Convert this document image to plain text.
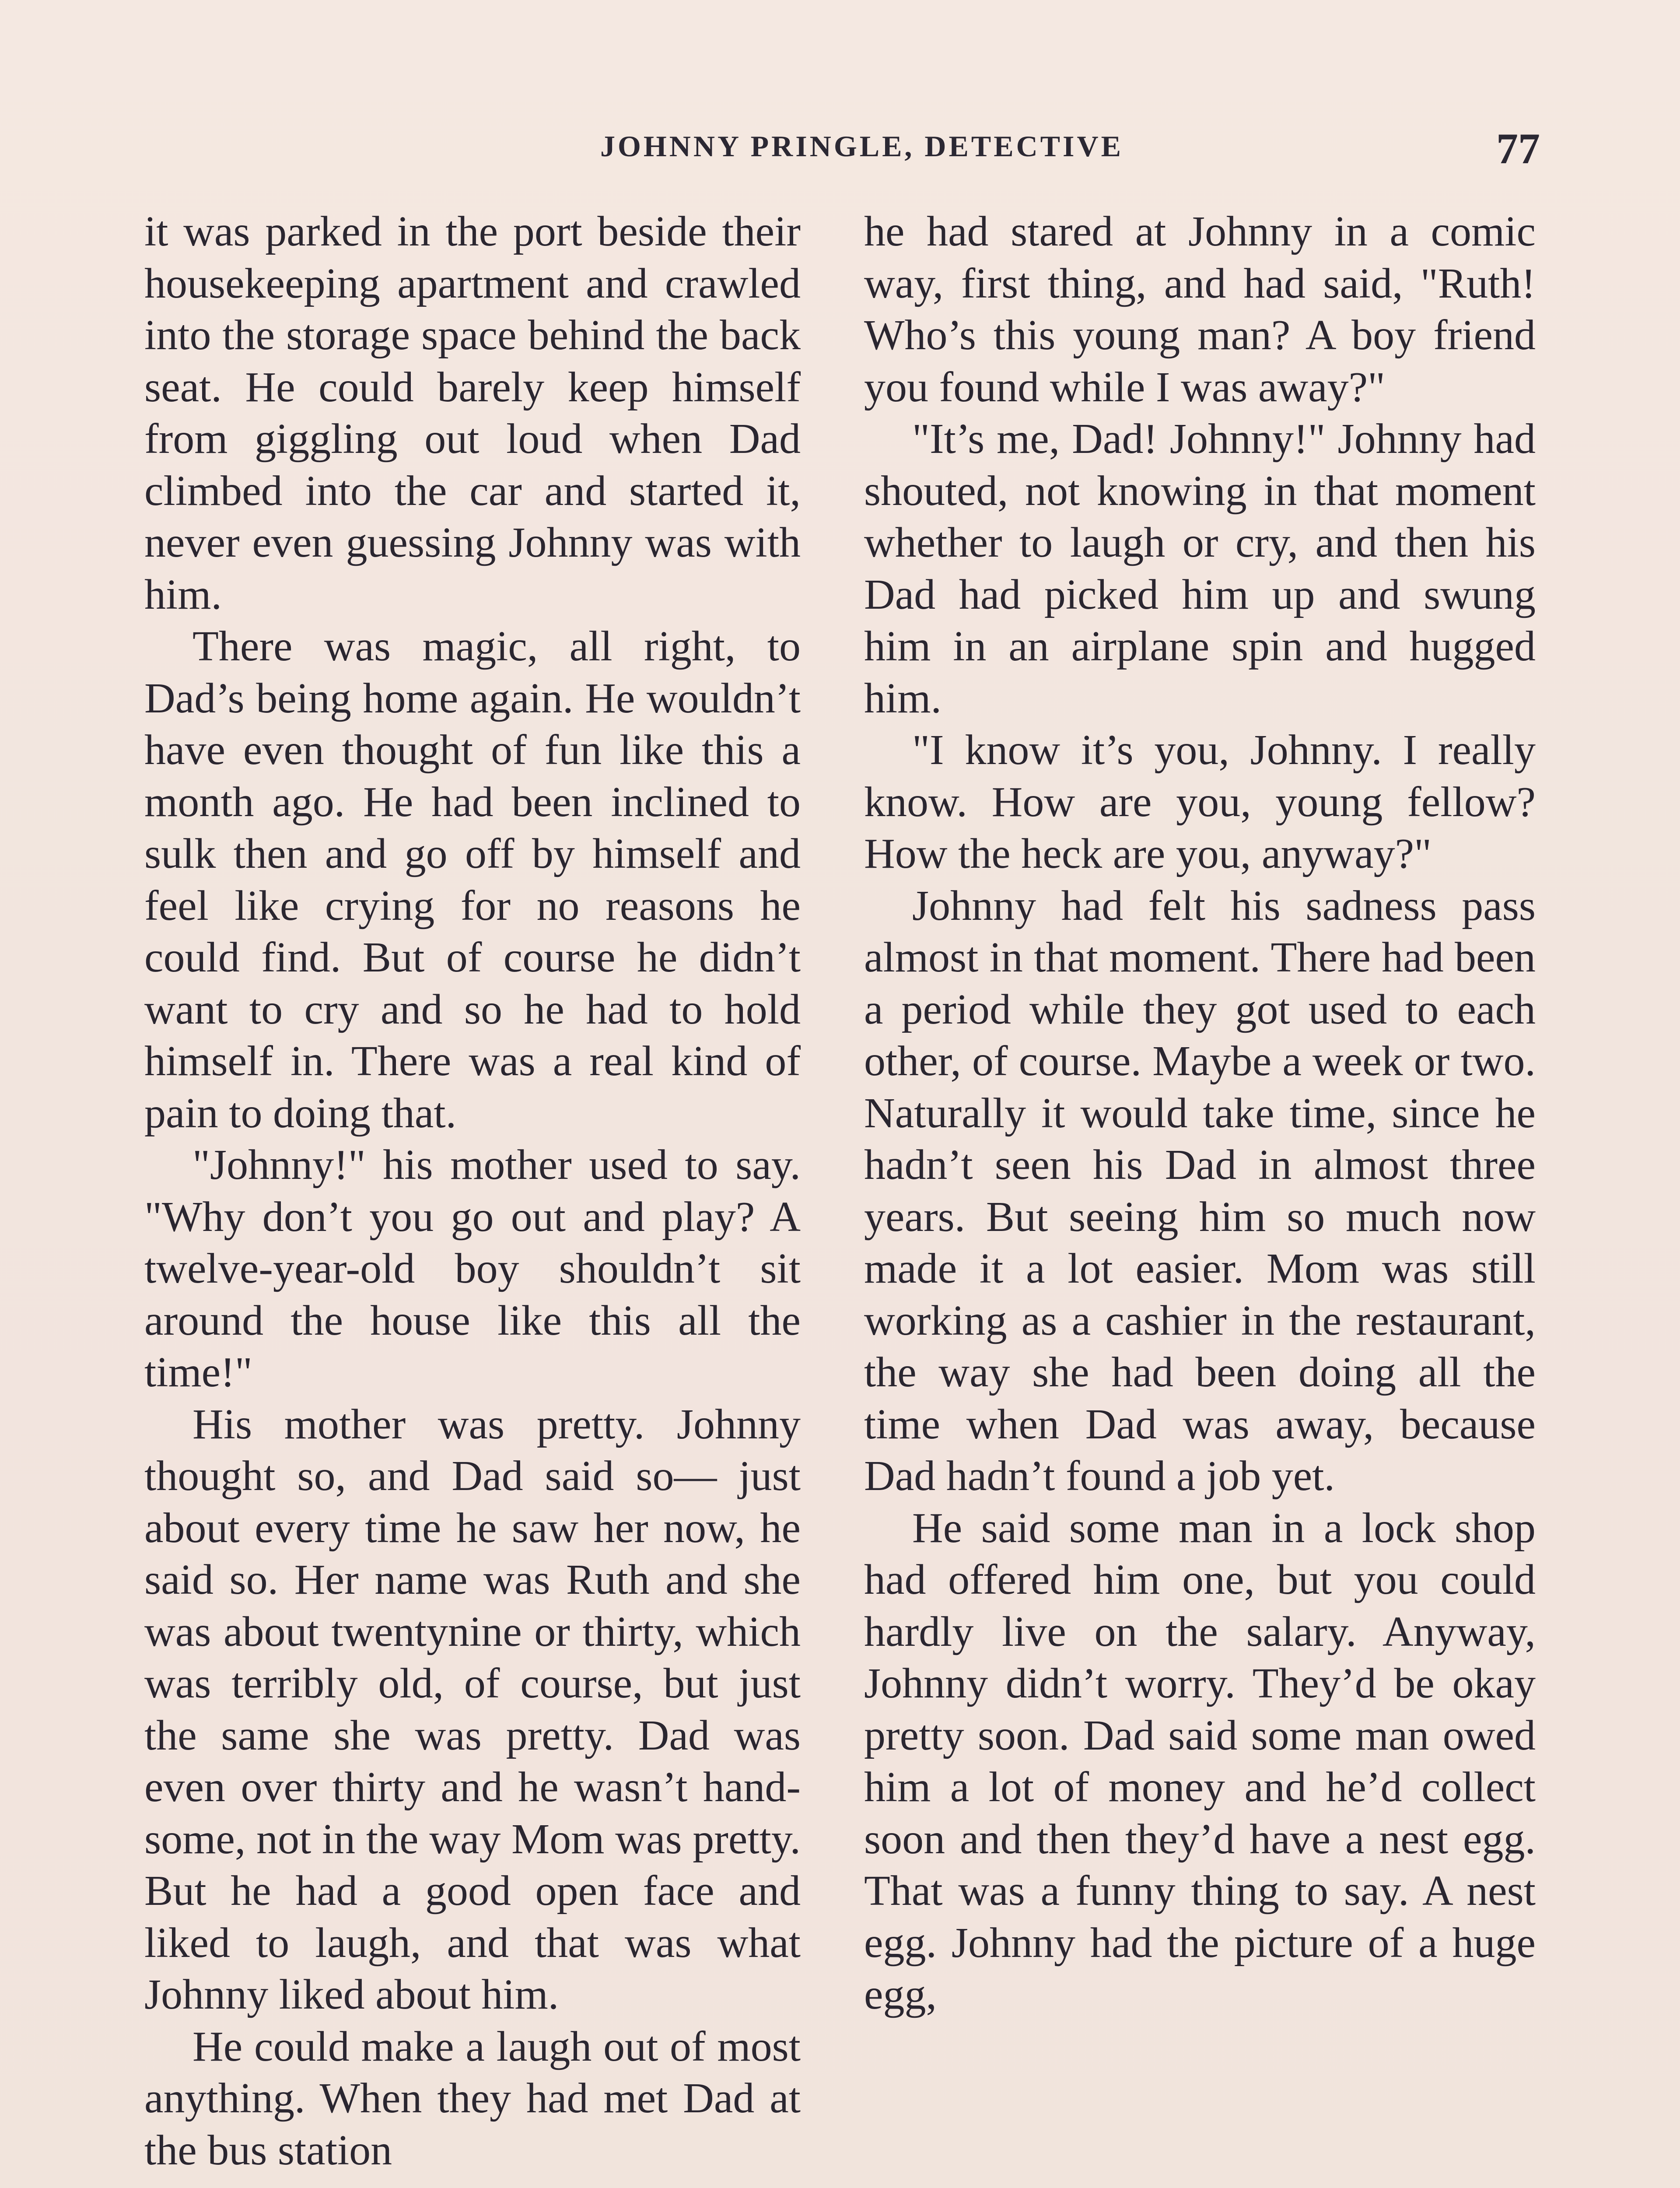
JOHNNY PRINGLE, DETECTIVE	77

it was parked in the port beside their housekeeping apartment and crawled into the storage space behind the back seat. He could barely keep himself from giggling out loud when Dad climbed into the car and started it, never even guessing Johnny was with him.

There was magic, all right, to Dad’s being home again. He wouldn’t have even thought of fun like this a month ago. He had been inclined to sulk then and go off by himself and feel like crying for no reasons he could find. But of course he didn’t want to cry and so he had to hold himself in. There was a real kind of pain to doing that.

"Johnny!" his mother used to say. "Why don’t you go out and play? A twelve-year-old boy shouldn’t sit around the house like this all the time!"

His mother was pretty. Johnny thought so, and Dad said so— just about every time he saw her now, he said so. Her name was Ruth and she was about twentynine or thirty, which was terribly old, of course, but just the same she was pretty. Dad was even over thirty and he wasn’t handsome, not in the way Mom was pretty. But he had a good open face and liked to laugh, and that was what Johnny liked about him.

He could make a laugh out of most anything. When they had met Dad at the bus station

he had stared at Johnny in a comic way, first thing, and had said, "Ruth! Who’s this young man? A boy friend you found while I was away?"

"It’s me, Dad! Johnny!" Johnny had shouted, not knowing in that moment whether to laugh or cry, and then his Dad had picked him up and swung him in an airplane spin and hugged him.

"I know it’s you, Johnny. I really know. How are you, young fellow? How the heck are you, anyway?"

Johnny had felt his sadness pass almost in that moment. There had been a period while they got used to each other, of course. Maybe a week or two. Naturally it would take time, since he hadn’t seen his Dad in almost three years. But seeing him so much now made it a lot easier. Mom was still working as a cashier in the restaurant, the way she had been doing all the time when Dad was away, because Dad hadn’t found a job yet.

He said some man in a lock shop had offered him one, but you could hardly live on the salary. Anyway, Johnny didn’t worry. They’d be okay pretty soon. Dad said some man owed him a lot of money and he’d collect soon and then they’d have a nest egg. That was a funny thing to say. A nest egg. Johnny had the picture of a huge egg,
